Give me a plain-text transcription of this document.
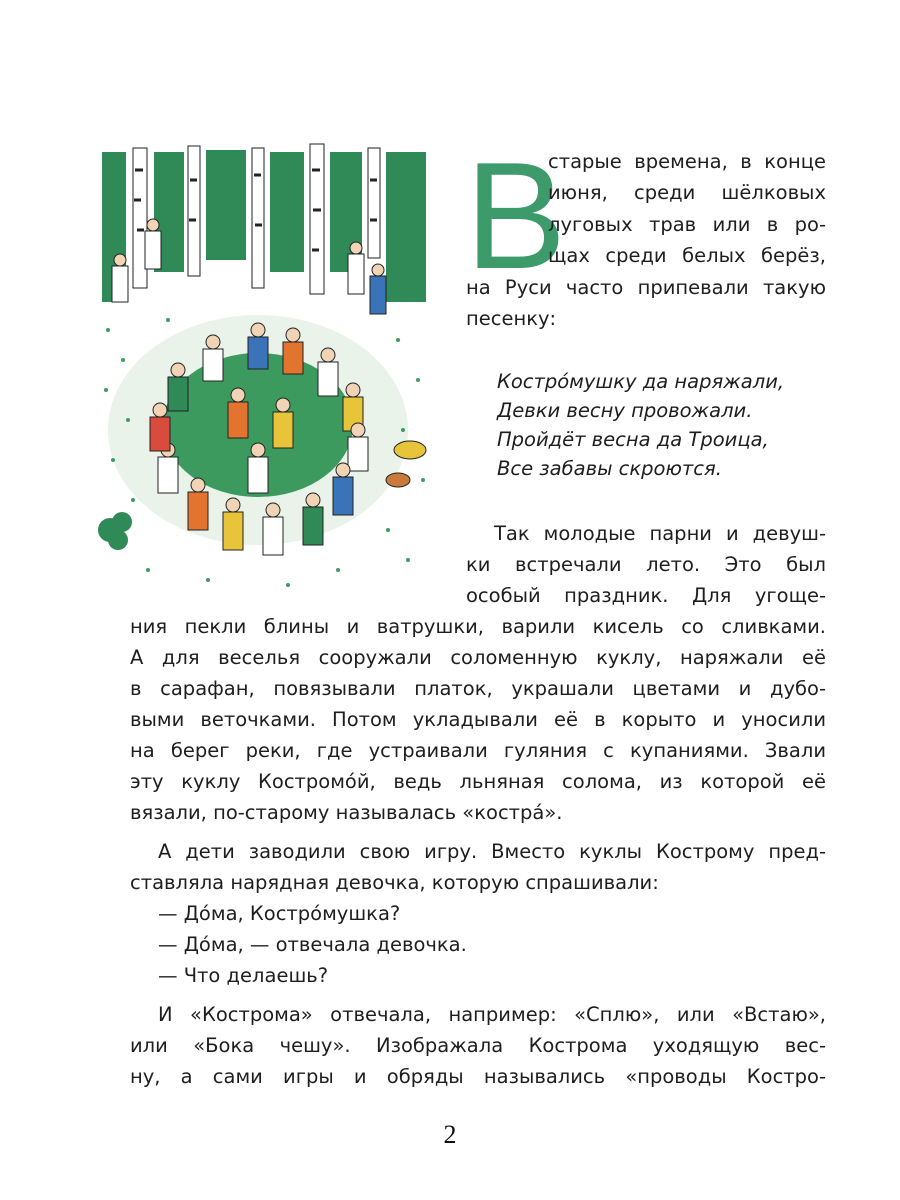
В
старые времена, в конце
июня, среди шёлковых
луговых трав или в ро-
щах среди белых берёз,
на Руси часто припевали такую
песенку:
Костро́мушку да наряжали,
Девки весну провожали.
Пройдёт весна да Троица,
Все забавы скроются.
Так молодые парни и девуш-
ки встречали лето. Это был
особый праздник. Для угоще-
ния пекли блины и ватрушки, варили кисель со сливками.
А для веселья сооружали соломенную куклу, наряжали её
в сарафан, повязывали платок, украшали цветами и дубо-
выми веточками. Потом укладывали её в корыто и уносили
на берег реки, где устраивали гуляния с купаниями. Звали
эту куклу Костромо́й, ведь льняная солома, из которой её
вязали, по-старому называлась «костра́».
А дети заводили свою игру. Вместо куклы Кострому пред-
ставляла нарядная девочка, которую спрашивали:
— До́ма, Костро́мушка?
— До́ма, — отвечала девочка.
— Что делаешь?
И «Кострома» отвечала, например: «Сплю», или «Встаю»,
или «Бока чешу». Изображала Кострома уходящую вес-
ну, а сами игры и обряды назывались «проводы Костро-
2
